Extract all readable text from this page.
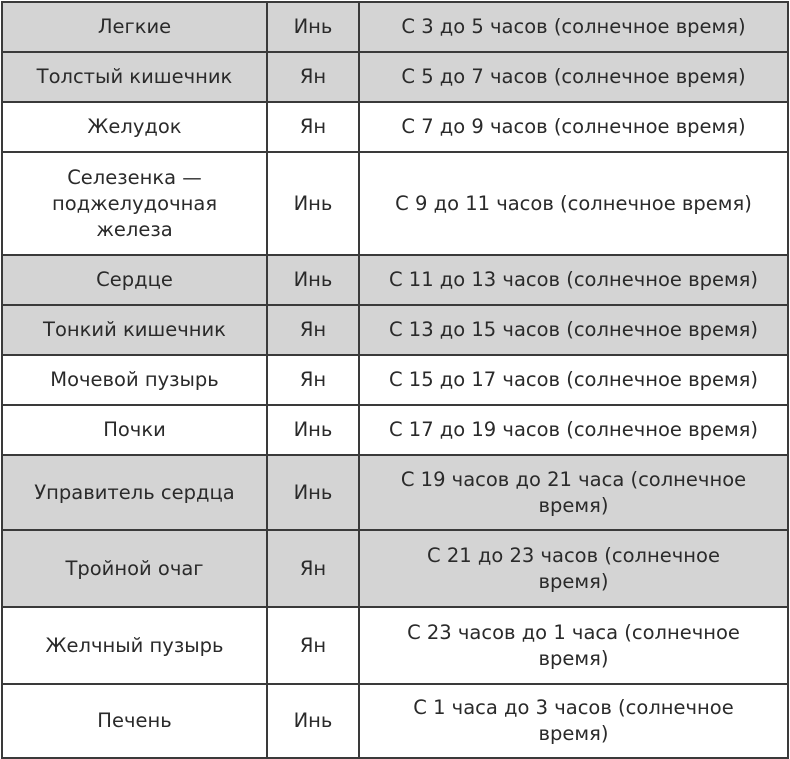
Легкие	Инь	С 3 до 5 часов (солнечное время)
Толстый кишечник	Ян	С 5 до 7 часов (солнечное время)
Желудок	Ян	С 7 до 9 часов (солнечное время)
Селезенка — поджелудочная железа	Инь	С 9 до 11 часов (солнечное время)
Сердце	Инь	С 11 до 13 часов (солнечное время)
Тонкий кишечник	Ян	С 13 до 15 часов (солнечное время)
Мочевой пузырь	Ян	С 15 до 17 часов (солнечное время)
Почки	Инь	С 17 до 19 часов (солнечное время)
Управитель сердца	Инь	С 19 часов до 21 часа (солнечное время)
Тройной очаг	Ян	С 21 до 23 часов (солнечное время)
Желчный пузырь	Ян	С 23 часов до 1 часа (солнечное время)
Печень	Инь	С 1 часа до 3 часов (солнечное время)
